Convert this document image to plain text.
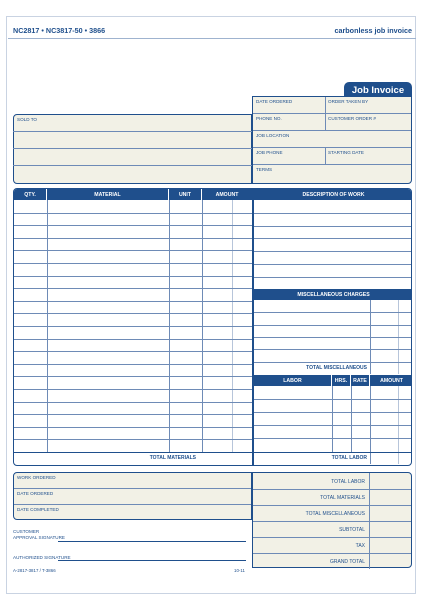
NC2817 • NC3817-50 • 3866	carbonless job invoice
Job Invoice
SOLD TO
DATE ORDERED	ORDER TAKEN BY
PHONE NO.	CUSTOMER ORDER #
JOB LOCATION
JOB PHONE	STARTING DATE
TERMS
QTY.	MATERIAL	UNIT	AMOUNT	DESCRIPTION OF WORK
TOTAL MATERIALS
MISCELLANEOUS CHARGES
TOTAL MISCELLANEOUS
LABOR	HRS.	RATE	AMOUNT
TOTAL LABOR
WORK ORDERED
DATE ORDERED
DATE COMPLETED
TOTAL LABOR
TOTAL MATERIALS
TOTAL MISCELLANEOUS
SUBTOTAL
TAX
GRAND TOTAL
CUSTOMER
APPROVAL SIGNATURE
AUTHORIZED SIGNATURE
A-2817-3817 / T-3866	10-11
